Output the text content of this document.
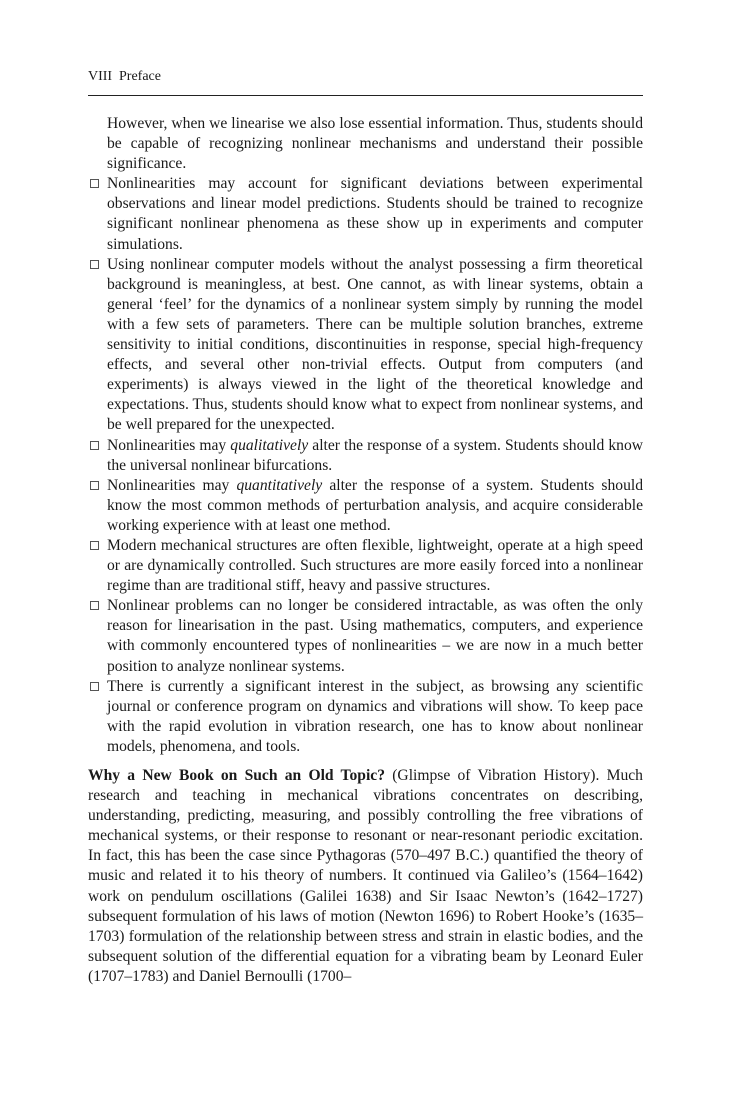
VIII Preface

However, when we linearise we also lose essential information. Thus, students should be capable of recognizing nonlinear mechanisms and understand their possible significance.

Nonlinearities may account for significant deviations between experimental observations and linear model predictions. Students should be trained to recognize significant nonlinear phenomena as these show up in experiments and computer simulations.
Using nonlinear computer models without the analyst possessing a firm theoretical background is meaningless, at best. One cannot, as with linear systems, obtain a general ‘feel’ for the dynamics of a nonlinear system simply by running the model with a few sets of parameters. There can be multiple solution branches, extreme sensitivity to initial conditions, discontinuities in response, special high-frequency effects, and several other non-trivial effects. Output from computers (and experiments) is always viewed in the light of the theoretical knowledge and expectations. Thus, students should know what to expect from nonlinear systems, and be well prepared for the unexpected.
Nonlinearities may qualitatively alter the response of a system. Students should know the universal nonlinear bifurcations.
Nonlinearities may quantitatively alter the response of a system. Students should know the most common methods of perturbation analysis, and acquire considerable working experience with at least one method.
Modern mechanical structures are often flexible, lightweight, operate at a high speed or are dynamically controlled. Such structures are more easily forced into a nonlinear regime than are traditional stiff, heavy and passive structures.
Nonlinear problems can no longer be considered intractable, as was often the only reason for linearisation in the past. Using mathematics, computers, and experience with commonly encountered types of nonlinearities – we are now in a much better position to analyze nonlinear systems.
There is currently a significant interest in the subject, as browsing any scientific journal or conference program on dynamics and vibrations will show. To keep pace with the rapid evolution in vibration research, one has to know about nonlinear models, phenomena, and tools.

Why a New Book on Such an Old Topic? (Glimpse of Vibration History). Much research and teaching in mechanical vibrations concentrates on describing, understanding, predicting, measuring, and possibly controlling the free vibrations of mechanical systems, or their response to resonant or near-resonant periodic excitation. In fact, this has been the case since Pythagoras (570–497 B.C.) quantified the theory of music and related it to his theory of numbers. It continued via Galileo’s (1564–1642) work on pendulum oscillations (Galilei 1638) and Sir Isaac Newton’s (1642–1727) subsequent formulation of his laws of motion (Newton 1696) to Robert Hooke’s (1635–1703) formulation of the relationship between stress and strain in elastic bodies, and the subsequent solution of the differential equation for a vibrating beam by Leonard Euler (1707–1783) and Daniel Bernoulli (1700–
